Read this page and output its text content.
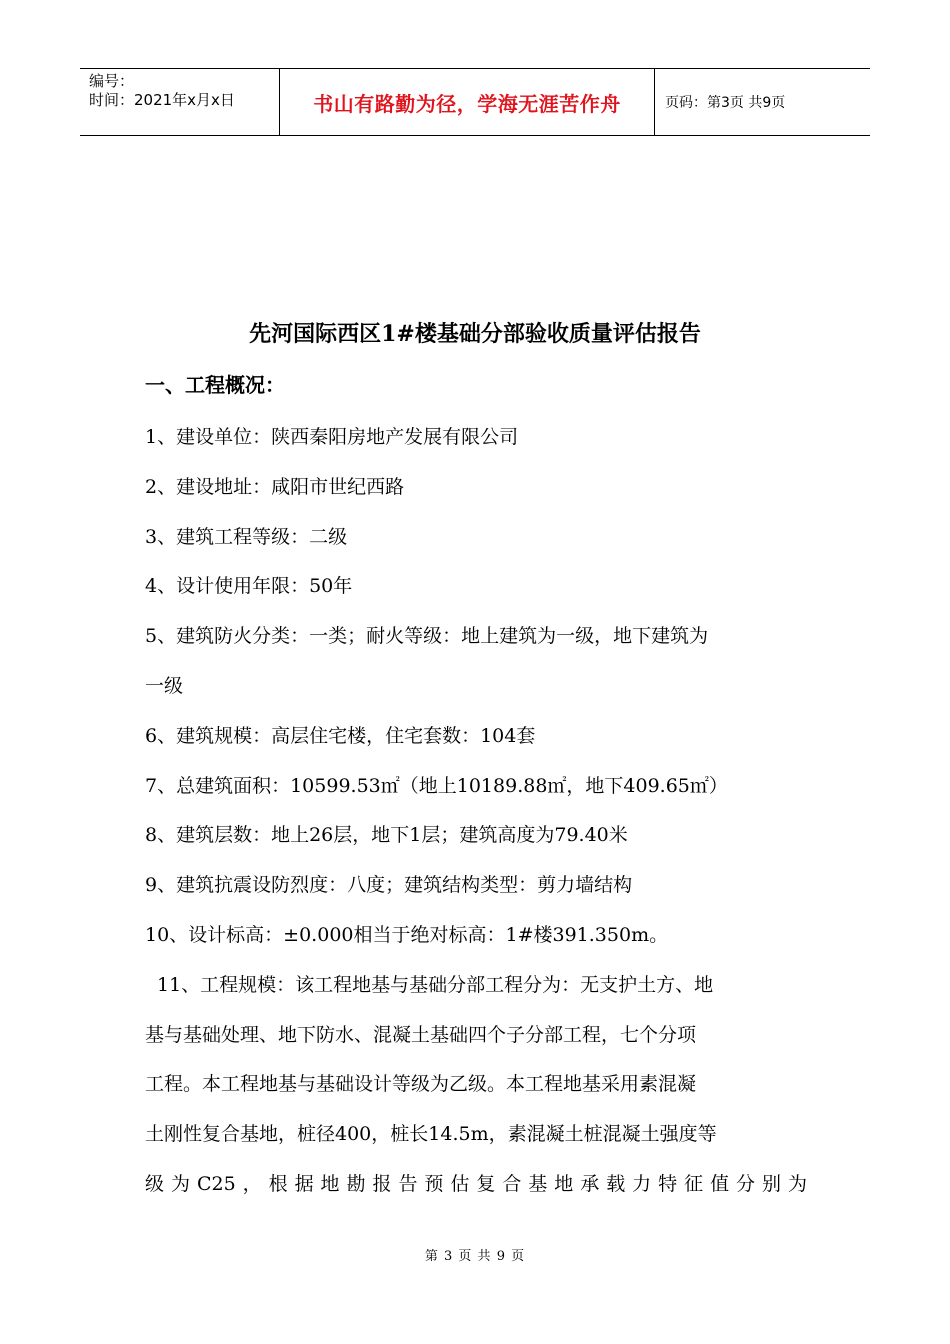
编号：
时间：2021年x月x日	书山有路勤为径，学海无涯苦作舟	页码：第3页 共9页
先河国际西区1#楼基础分部验收质量评估报告
一、工程概况：
1、建设单位：陕西秦阳房地产发展有限公司
2、建设地址：咸阳市世纪西路
3、建筑工程等级：二级
4、设计使用年限：50年
5、建筑防火分类：一类；耐火等级：地上建筑为一级，地下建筑为
一级
6、建筑规模：高层住宅楼，住宅套数：104套
7、总建筑面积：10599.53㎡（地上10189.88㎡，地下409.65㎡）
8、建筑层数：地上26层，地下1层；建筑高度为79.40米
9、建筑抗震设防烈度：八度；建筑结构类型：剪力墙结构
10、设计标高：±0.000相当于绝对标高：1#楼391.350m。
11、工程规模：该工程地基与基础分部工程分为：无支护土方、地
基与基础处理、地下防水、混凝土基础四个子分部工程，七个分项
工程。本工程地基与基础设计等级为乙级。本工程地基采用素混凝
土刚性复合基地，桩径400，桩长14.5m，素混凝土桩混凝土强度等
级为C25，根据地勘报告预估复合基地承载力特征值分别为
第 3 页 共 9 页
